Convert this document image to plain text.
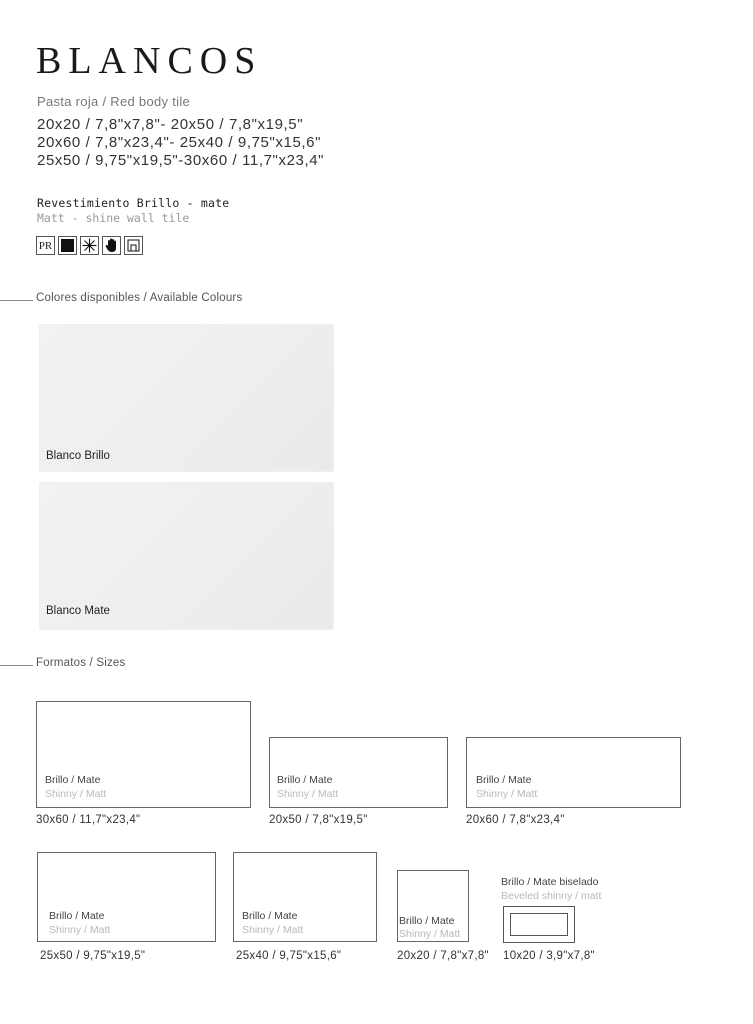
BLANCOS
Pasta roja / Red body tile
20x20 / 7,8"x7,8"- 20x50 / 7,8"x19,5"
20x60 / 7,8"x23,4"- 25x40 / 9,75"x15,6"
25x50 / 9,75"x19,5"-30x60 / 11,7"x23,4"
Revestimiento Brillo - mate
Matt - shine wall tile
PR
Colores disponibles / Available Colours
Blanco Brillo
Blanco Mate
Formatos / Sizes
Brillo / Mate
Shinny / Matt
30x60 / 11,7"x23,4"
Brillo / Mate
Shinny / Matt
20x50 / 7,8"x19,5"
Brillo / Mate
Shinny / Matt
20x60 / 7,8"x23,4"
Brillo / Mate
Shinny / Matt
25x50 / 9,75"x19,5"
Brillo / Mate
Shinny / Matt
25x40 / 9,75"x15,6"
Brillo / Mate
Shinny / Matt
20x20 / 7,8"x7,8"
Brillo / Mate biselado
Beveled shinny / matt
10x20 / 3,9"x7,8"
